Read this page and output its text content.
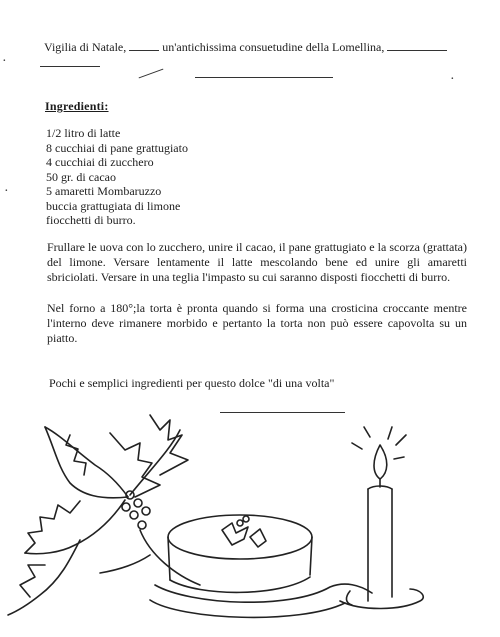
Vigilia di Natale,	un'antichissima consuetudine della Lomellina,
·
·
·
Ingredienti:
1/2 litro di latte
8 cucchiai di pane grattugiato
4 cucchiai di zucchero
50 gr. di cacao
5 amaretti Mombaruzzo
buccia grattugiata di limone
fiocchetti di burro.
Frullare le uova con lo zucchero, unire il cacao, il pane grattugiato e la scorza (grattata) del limone. Versare lentamente il latte mescolando bene ed unire gli amaretti sbriciolati. Versare in una teglia l'impasto su cui saranno disposti fiocchetti di burro.
Nel forno a 180°;la torta è pronta quando si forma una crosticina croccante mentre l'interno deve rimanere morbido e pertanto la torta non può essere capovolta su un piatto.
Pochi e semplici ingredienti per questo dolce "di una volta"
